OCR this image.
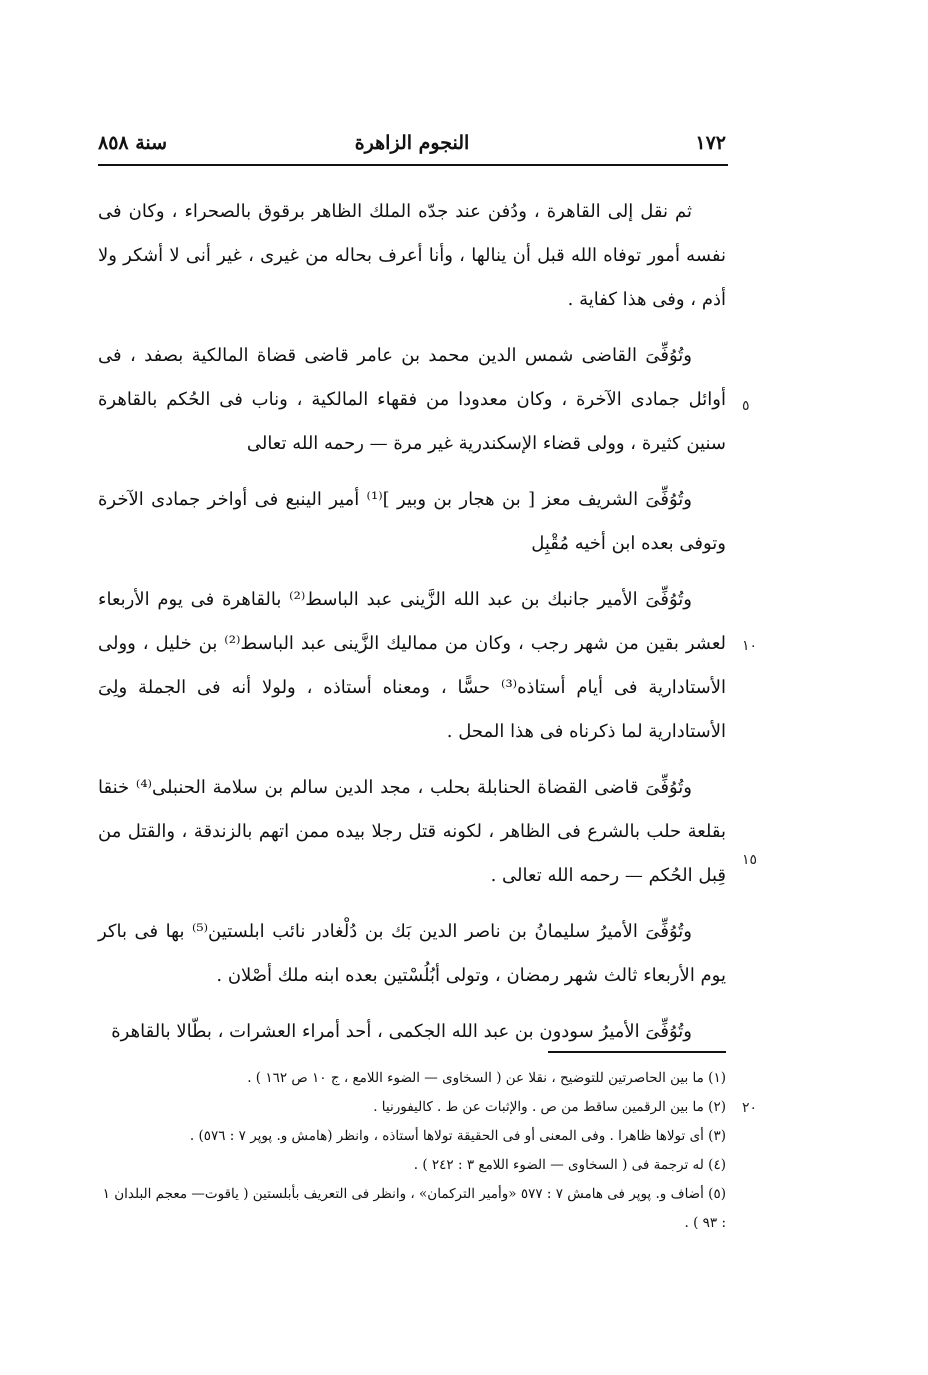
١٧٢
النجوم الزاهرة
سنة ٨٥٨
٥
١٠
١٥
٢٠

ثم نقل إلى القاهرة ، ودُفن عند جدّه الملك الظاهر برقوق بالصحراء ، وكان فى نفسه أمور توفاه الله قبل أن ينالها ، وأنا أعرف بحاله من غيرى ، غير أنى لا أشكر ولا أذم ، وفى هذا كفاية .

وتُوُفِّىَ القاضى شمس الدين محمد بن عامر قاضى قضاة المالكية بصفد ، فى أوائل جمادى الآخرة ، وكان معدودا من فقهاء المالكية ، وناب فى الحُكم بالقاهرة سنين كثيرة ، وولى قضاء الإسكندرية غير مرة — رحمه الله تعالى

وتُوُفِّىَ الشريف معز [ بن هجار بن وبير ]⁽¹⁾ أمير الينبع فى أواخر جمادى الآخرة وتوفى بعده ابن أخيه مُقْبِل

وتُوُفِّىَ الأمير جانبك بن عبد الله الزَّينى عبد الباسط⁽²⁾ بالقاهرة فى يوم الأربعاء لعشر بقين من شهر رجب ، وكان من مماليك الزَّينى عبد الباسط⁽²⁾ بن خليل ، وولى الأستادارية فى أيام أستاذه⁽³⁾ حسًّا ، ومعناه أستاذه ، ولولا أنه فى الجملة ولِىَ الأستادارية لما ذكرناه فى هذا المحل .

وتُوُفِّىَ قاضى القضاة الحنابلة بحلب ، مجد الدين سالم بن سلامة الحنبلى⁽⁴⁾ خنقا بقلعة حلب بالشرع فى الظاهر ، لكونه قتل رجلا بيده ممن اتهم بالزندقة ، والقتل من قِبل الحُكم — رحمه الله تعالى .

وتُوُفِّىَ الأميرُ سليمانُ بن ناصر الدين بَك بن دُلْغادر نائب ابلستين⁽⁵⁾ بها فى باكر يوم الأربعاء ثالث شهر رمضان ، وتولى أبُلُسْتين بعده ابنه ملك أصْلان .

وتُوُفِّىَ الأميرُ سودون بن عبد الله الجكمى ، أحد أمراء العشرات ، بطّالا بالقاهرة

(١) ما بين الحاصرتين للتوضيح ، نقلا عن ( السخاوى — الضوء اللامع ، ج ١٠ ص ١٦٢ ) .

(٢) ما بين الرقمين ساقط من ص . والإثبات عن ط . كاليفورنيا .

(٣) أى تولاها ظاهرا . وفى المعنى أو فى الحقيقة تولاها أستاذه ، وانظر (هامش و. پوپر ٧ : ٥٧٦) .

(٤) له ترجمة فى ( السخاوى — الضوء اللامع ٣ : ٢٤٢ ) .

(٥) أضاف و. پوپر فى هامش ٧ : ٥٧٧ «وأمير التركمان» ، وانظر فى التعريف بأبلستين ( ياقوت— معجم البلدان ١ : ٩٣ ) .
